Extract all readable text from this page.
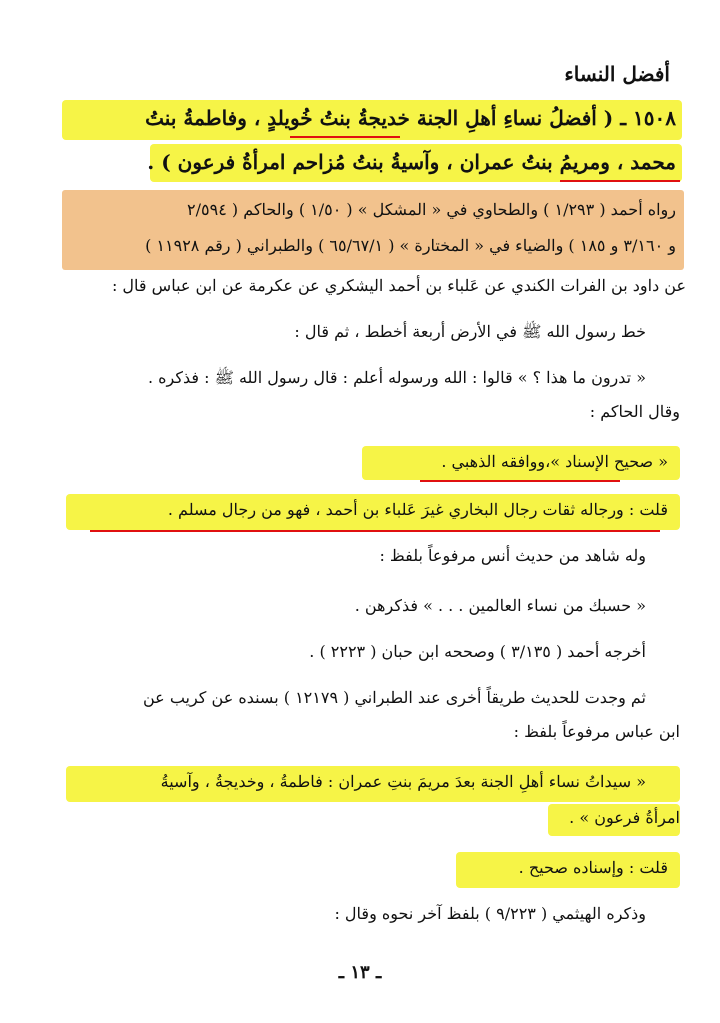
أفضل النساء
١٥٠٨ ـ ( أفضلُ نساءِ أهلِ الجنة خديجةُ بنتُ خُويلدٍ ، وفاطمةُ بنتُ
محمد ، ومريمُ بنتُ عمران ، وآسيةُ بنتُ مُزاحم امرأةُ فرعون ) .
رواه أحمد ( ١/٢٩٣ ) والطحاوي في « المشكل » ( ١/٥٠ ) والحاكم ( ٢/٥٩٤
و ٣/١٦٠ و ١٨٥ ) والضياء في « المختارة » ( ٦٥/٦٧/١ ) والطبراني ( رقم ١١٩٢٨ )
عن داود بن الفرات الكندي عن عَلباء بن أحمد اليشكري عن عكرمة عن ابن عباس قال :
خط رسول الله ﷺ في الأرض أربعة أخطط ، ثم قال :
« تدرون ما هذا ؟ » قالوا : الله ورسوله أعلم : قال رسول الله ﷺ : فذكره .
وقال الحاكم :
« صحيح الإسناد »،ووافقه الذهبي .
قلت : ورجاله ثقات رجال البخاري غيرَ عَلباء بن أحمد ، فهو من رجال مسلم .
وله شاهد من حديث أنس مرفوعاً بلفظ :
« حسبك من نساء العالمين . . . » فذكرهن .
أخرجه أحمد ( ٣/١٣٥ ) وصححه ابن حبان ( ٢٢٢٣ ) .
ثم وجدت للحديث طريقاً أخرى عند الطبراني ( ١٢١٧٩ ) بسنده عن كريب عن
ابن عباس مرفوعاً بلفظ :
« سيداتُ نساء أهلِ الجنة بعدَ مريمَ بنتِ عمران : فاطمةُ ، وخديجةُ ، وآسيةُ
امرأةُ فرعون » .
قلت : وإسناده صحيح .
وذكره الهيثمي ( ٩/٢٢٣ ) بلفظ آخر نحوه وقال :
ـ ١٣ ـ
